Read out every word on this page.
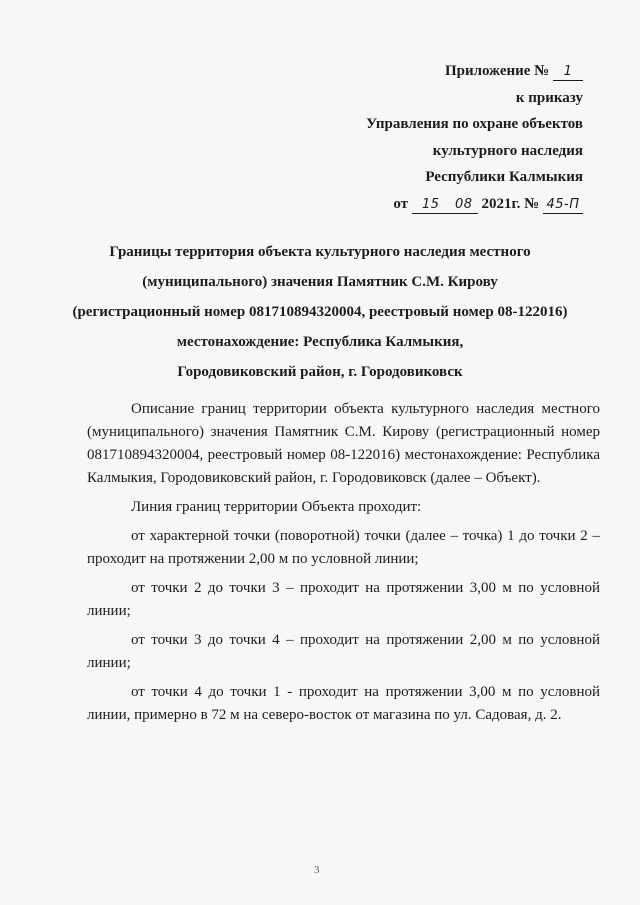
Приложение № 1
к приказу
Управления по охране объектов
культурного наследия
Республики Калмыкия
от 15 08 2021г. № 45-П
Границы территория объекта культурного наследия местного
(муниципального) значения Памятник С.М. Кирову
(регистрационный номер 081710894320004, реестровый номер 08-122016)
местонахождение: Республика Калмыкия,
Городовиковский район, г. Городовиковск

Описание границ территории объекта культурного наследия местного (муниципального) значения Памятник С.М. Кирову (регистрационный номер 081710894320004, реестровый номер 08-122016) местонахождение: Республика Калмыкия, Городовиковский район, г. Городовиковск (далее – Объект).

Линия границ территории Объекта проходит:

от характерной точки (поворотной) точки (далее – точка) 1 до точки 2 – проходит на протяжении 2,00 м по условной линии;

от точки 2 до точки 3 – проходит на протяжении 3,00 м по условной линии;

от точки 3 до точки 4 – проходит на протяжении 2,00 м по условной линии;

от точки 4 до точки 1 - проходит на протяжении 3,00 м по условной линии, примерно в 72 м на северо-восток от магазина по ул. Садовая, д. 2.

3
